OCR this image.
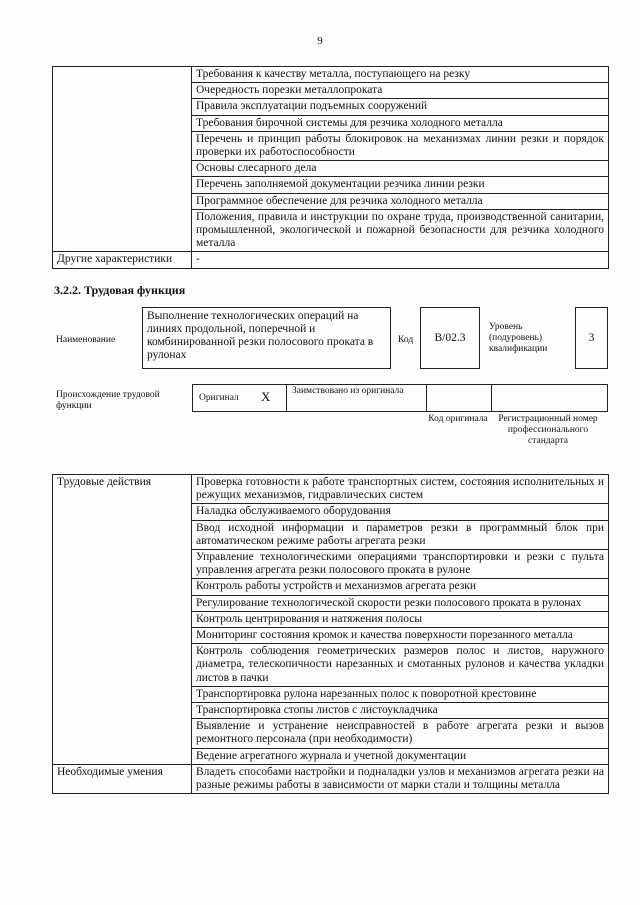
9
	Требования к качеству металла, поступающего на резку
	Очередность порезки металлопроката
	Правила эксплуатации подъемных сооружений
	Требования бирочной системы для резчика холодного металла
	Перечень и принцип работы блокировок на механизмах линии резки и порядок проверки их работоспособности
	Основы слесарного дела
	Перечень заполняемой документации резчика линии резки
	Программное обеспечение для резчика холодного металла
	Положения, правила и инструкции по охране труда, производственной санитарии, промышленной, экологической и пожарной безопасности для резчика холодного металла
Другие характеристики	-
3.2.2. Трудовая функция
Наименование
Выполнение технологических операций на линиях продольной, поперечной и комбинированной резки полосового проката в рулонах
Код	B/02.3
Уровень (подуровень) квалификации
3
Происхождение трудовой функции
Оригинал X Заимствовано из оригинала
Код оригинала Регистрационный номер профессионального стандарта
Трудовые действия	Проверка готовности к работе транспортных систем, состояния исполнительных и режущих механизмов, гидравлических систем
	Наладка обслуживаемого оборудования
	Ввод исходной информации и параметров резки в программный блок при автоматическом режиме работы агрегата резки
	Управление технологическими операциями транспортировки и резки с пульта управления агрегата резки полосового проката в рулоне
	Контроль работы устройств и механизмов агрегата резки
	Регулирование технологической скорости резки полосового проката в рулонах
	Контроль центрирования и натяжения полосы
	Мониторинг состояния кромок и качества поверхности порезанного металла
	Контроль соблюдения геометрических размеров полос и листов, наружного диаметра, телескопичности нарезанных и смотанных рулонов и качества укладки листов в пачки
	Транспортировка рулона нарезанных полос к поворотной крестовине
	Транспортировка стопы листов с листоукладчика
	Выявление и устранение неисправностей в работе агрегата резки и вызов ремонтного персонала (при необходимости)
	Ведение агрегатного журнала и учетной документации
Необходимые умения	Владеть способами настройки и подналадки узлов и механизмов агрегата резки на разные режимы работы в зависимости от марки стали и толщины металла
